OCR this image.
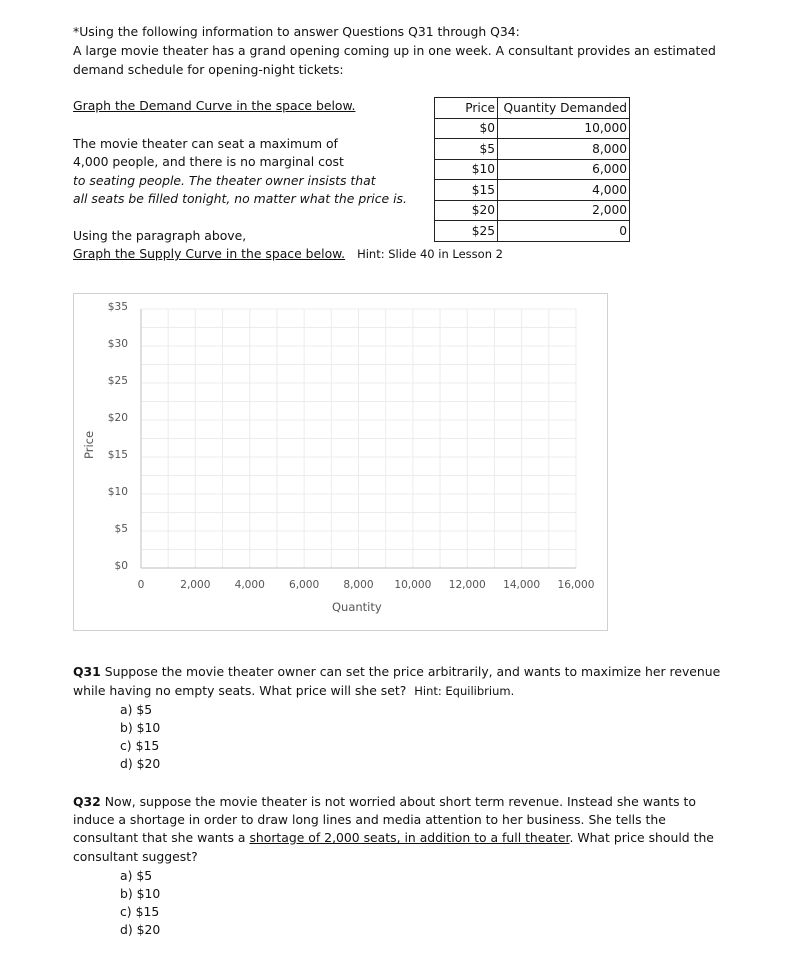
*Using the following information to answer Questions Q31 through Q34:
A large movie theater has a grand opening coming up in one week. A consultant provides an estimated
demand schedule for opening-night tickets:
Graph the Demand Curve in the space below.
The movie theater can seat a maximum of
4,000 people, and there is no marginal cost
to seating people. The theater owner insists that
all seats be filled tonight, no matter what the price is.
Price	Quantity Demanded
$0	10,000
$5	8,000
$10	6,000
$15	4,000
$20	2,000
$25	0
Using the paragraph above,
Graph the Supply Curve in the space below. Hint: Slide 40 in Lesson 2
$0
$5
$10
$15
$20
$25
$30
$35
0	2,000	4,000	6,000	8,000	10,000	12,000	14,000	16,000
Quantity
Price
Q31 Suppose the movie theater owner can set the price arbitrarily, and wants to maximize her revenue
while having no empty seats. What price will she set? Hint: Equilibrium.
a) $5
b) $10
c) $15
d) $20
Q32 Now, suppose the movie theater is not worried about short term revenue. Instead she wants to
induce a shortage in order to draw long lines and media attention to her business. She tells the
consultant that she wants a shortage of 2,000 seats, in addition to a full theater. What price should the
consultant suggest?
a) $5
b) $10
c) $15
d) $20
